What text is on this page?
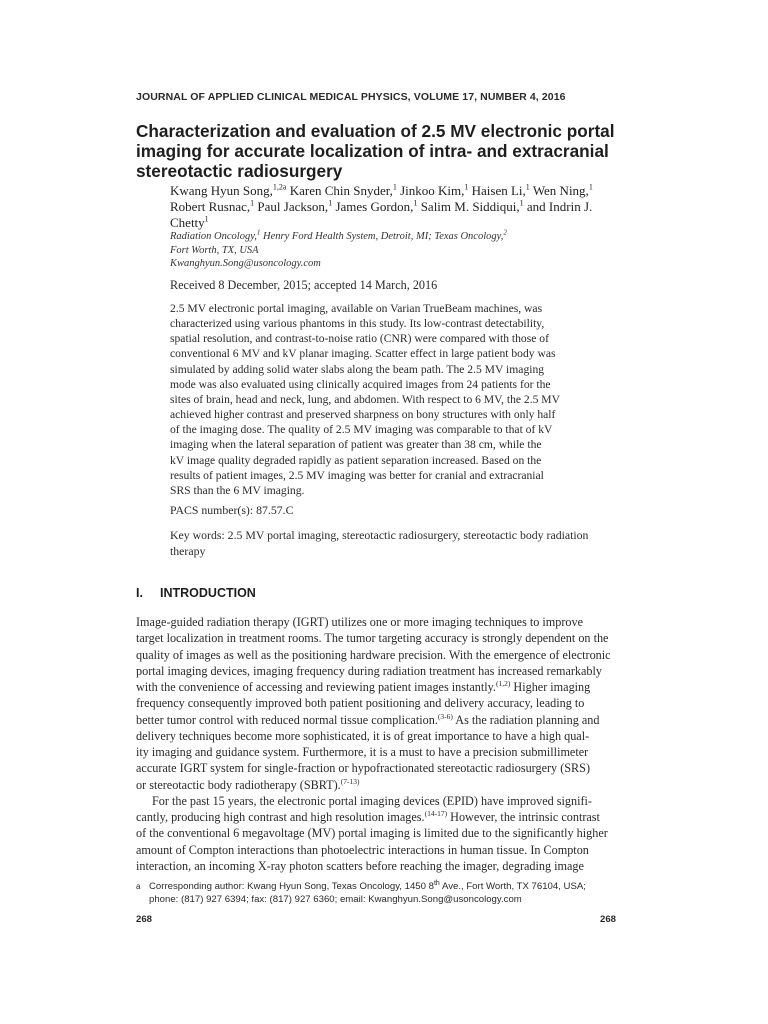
JOURNAL OF APPLIED CLINICAL MEDICAL PHYSICS, VOLUME 17, NUMBER 4, 2016
Characterization and evaluation of 2.5 MV electronic portal imaging for accurate localization of intra- and extracranial stereotactic radiosurgery
Kwang Hyun Song,$^{1,2a}$ Karen Chin Snyder,$^1$ Jinkoo Kim,$^1$ Haisen Li,$^1$ Wen Ning,$^1$ Robert Rusnac,$^1$ Paul Jackson,$^1$ James Gordon,$^1$ Salim M. Siddiqui,$^1$ and Indrin J. Chetty$^1$
Radiation Oncology,$^1$ Henry Ford Health System, Detroit, MI; Texas Oncology,$^2$
Fort Worth, TX, USA
Kwanghyun.Song@usoncology.com
Received 8 December, 2015; accepted 14 March, 2016
2.5 MV electronic portal imaging, available on Varian TrueBeam machines, was
characterized using various phantoms in this study. Its low-contrast detectability,
spatial resolution, and contrast-to-noise ratio (CNR) were compared with those of
conventional 6 MV and kV planar imaging. Scatter effect in large patient body was
simulated by adding solid water slabs along the beam path. The 2.5 MV imaging
mode was also evaluated using clinically acquired images from 24 patients for the
sites of brain, head and neck, lung, and abdomen. With respect to 6 MV, the 2.5 MV
achieved higher contrast and preserved sharpness on bony structures with only half
of the imaging dose. The quality of 2.5 MV imaging was comparable to that of kV
imaging when the lateral separation of patient was greater than 38 cm, while the
kV image quality degraded rapidly as patient separation increased. Based on the
results of patient images, 2.5 MV imaging was better for cranial and extracranial
SRS than the 6 MV imaging.
PACS number(s): 87.57.C
Key words: 2.5 MV portal imaging, stereotactic radiosurgery, stereotactic body radiation therapy
I. INTRODUCTION
Image-guided radiation therapy (IGRT) utilizes one or more imaging techniques to improve
target localization in treatment rooms. The tumor targeting accuracy is strongly dependent on the
quality of images as well as the positioning hardware precision. With the emergence of electronic
portal imaging devices, imaging frequency during radiation treatment has increased remarkably
with the convenience of accessing and reviewing patient images instantly.$^{(1,2)}$ Higher imaging
frequency consequently improved both patient positioning and delivery accuracy, leading to
better tumor control with reduced normal tissue complication.$^{(3-6)}$ As the radiation planning and
delivery techniques become more sophisticated, it is of great importance to have a high qual-
ity imaging and guidance system. Furthermore, it is a must to have a precision submillimeter
accurate IGRT system for single-fraction or hypofractionated stereotactic radiosurgery (SRS)
or stereotactic body radiotherapy (SBRT).$^{(7-13)}$
For the past 15 years, the electronic portal imaging devices (EPID) have improved signifi-
cantly, producing high contrast and high resolution images.$^{(14-17)}$ However, the intrinsic contrast
of the conventional 6 megavoltage (MV) portal imaging is limited due to the significantly higher
amount of Compton interactions than photoelectric interactions in human tissue. In Compton
interaction, an incoming X-ray photon scatters before reaching the imager, degrading image
a Corresponding author: Kwang Hyun Song, Texas Oncology, 1450 8th Ave., Fort Worth, TX 76104, USA; phone: (817) 927 6394; fax: (817) 927 6360; email: Kwanghyun.Song@usoncology.com
268	268
